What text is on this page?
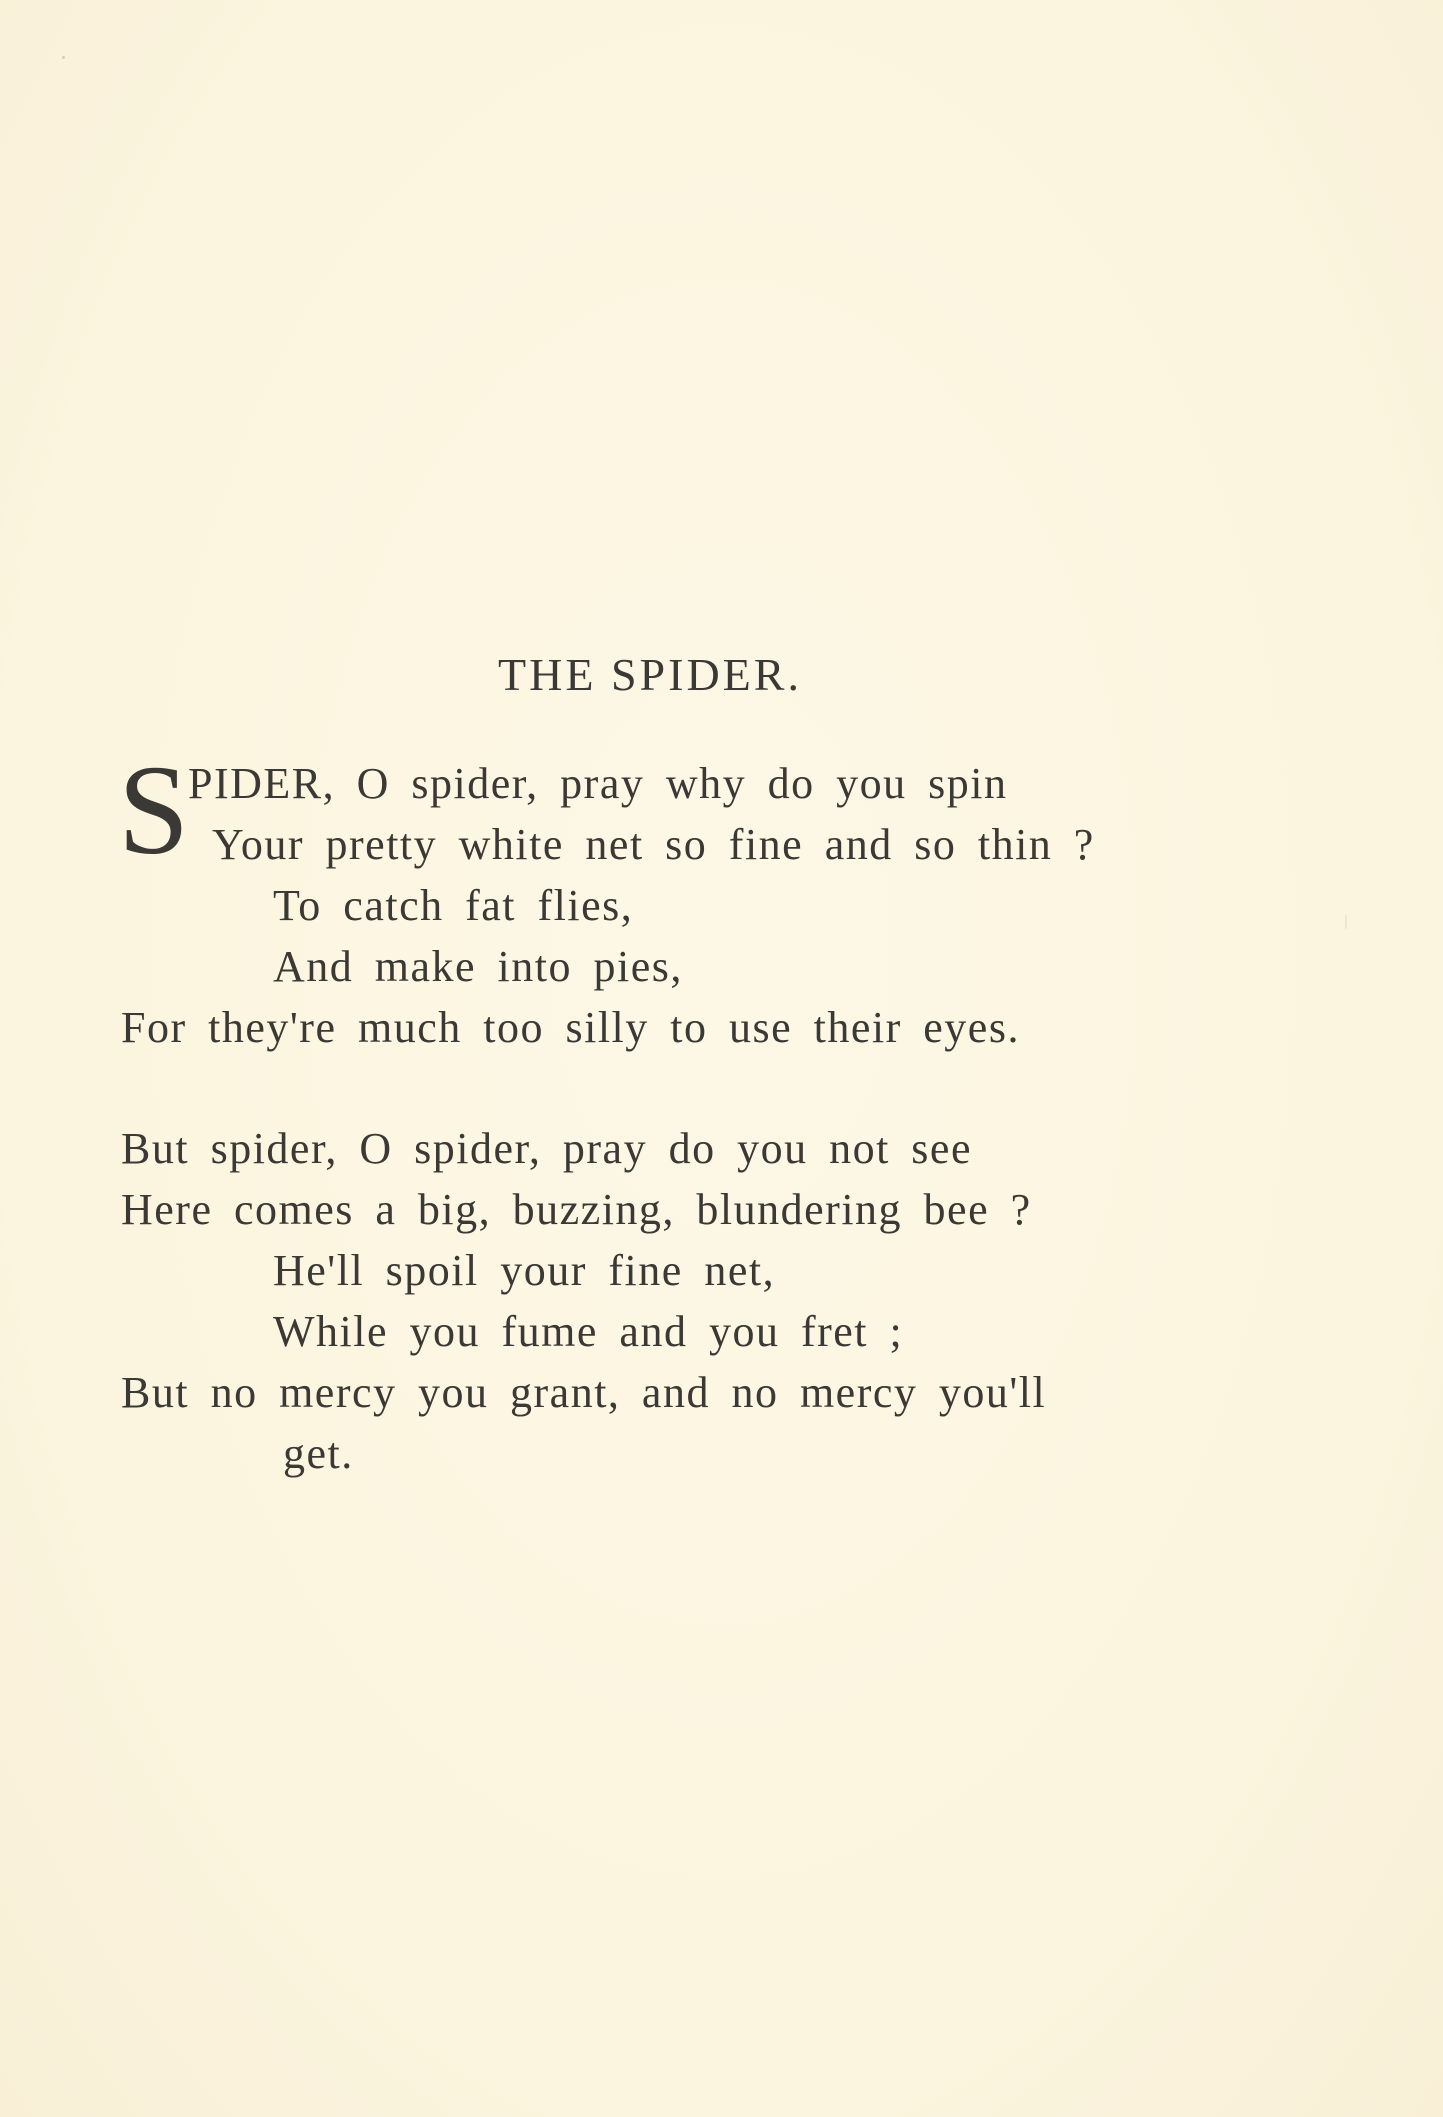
THE SPIDER.
S
PIDER, O spider, pray why do you spin
Your pretty white net so fine and so thin ?
To catch fat flies,
And make into pies,
For they're much too silly to use their eyes.
But spider, O spider, pray do you not see
Here comes a big, buzzing, blundering bee ?
He'll spoil your fine net,
While you fume and you fret ;
But no mercy you grant, and no mercy you'll
get.
